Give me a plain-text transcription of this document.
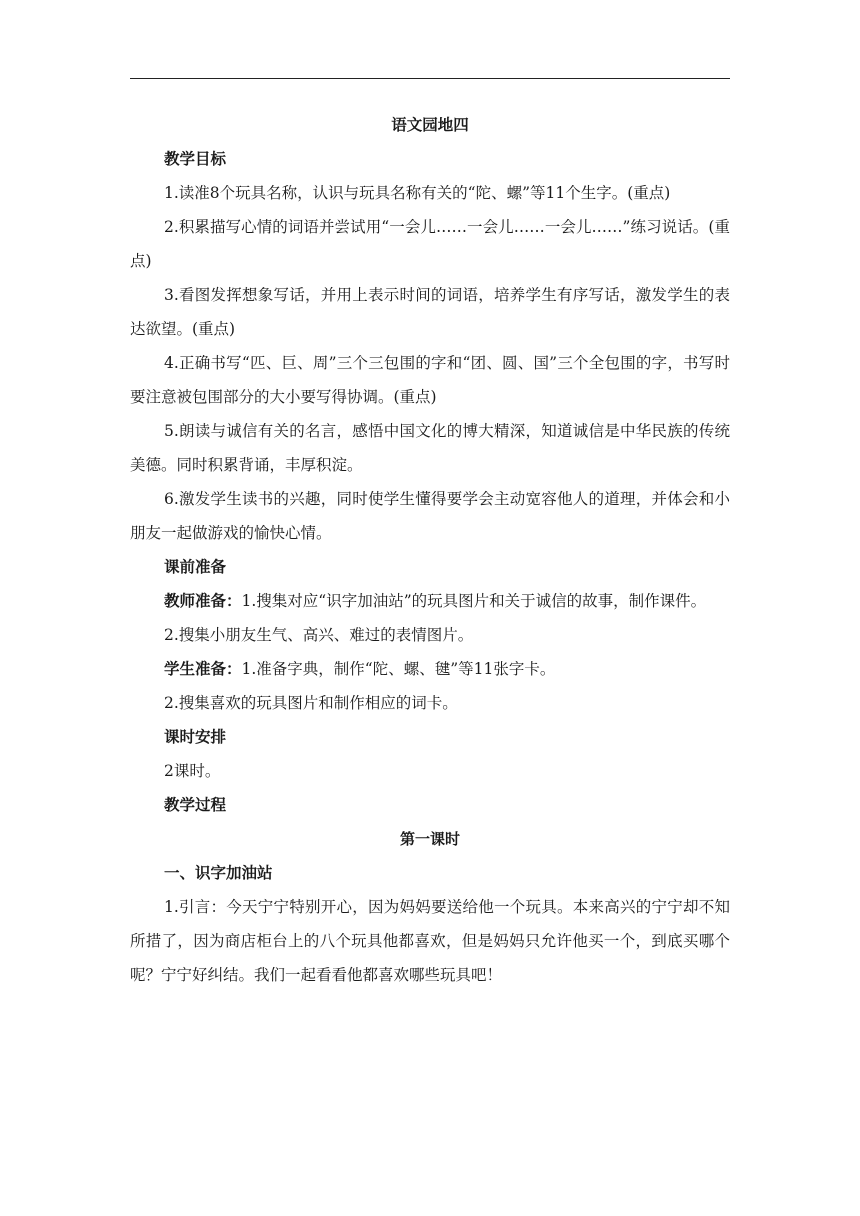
语文园地四
教学目标

1.读准8个玩具名称，认识与玩具名称有关的“陀、螺”等11个生字。(重点)

2.积累描写心情的词语并尝试用“一会儿……一会儿……一会儿……”练习说话。(重点)

3.看图发挥想象写话，并用上表示时间的词语，培养学生有序写话，激发学生的表达欲望。(重点)

4.正确书写“匹、巨、周”三个三包围的字和“团、圆、国”三个全包围的字，书写时要注意被包围部分的大小要写得协调。(重点)

5.朗读与诚信有关的名言，感悟中国文化的博大精深，知道诚信是中华民族的传统美德。同时积累背诵，丰厚积淀。

6.激发学生读书的兴趣，同时使学生懂得要学会主动宽容他人的道理，并体会和小朋友一起做游戏的愉快心情。

课前准备

教师准备：1.搜集对应“识字加油站”的玩具图片和关于诚信的故事，制作课件。

2.搜集小朋友生气、高兴、难过的表情图片。

学生准备：1.准备字典，制作“陀、螺、毽”等11张字卡。

2.搜集喜欢的玩具图片和制作相应的词卡。

课时安排

2课时。

教学过程
第一课时
一、识字加油站

1.引言：今天宁宁特别开心，因为妈妈要送给他一个玩具。本来高兴的宁宁却不知所措了，因为商店柜台上的八个玩具他都喜欢，但是妈妈只允许他买一个，到底买哪个呢？宁宁好纠结。我们一起看看他都喜欢哪些玩具吧！
